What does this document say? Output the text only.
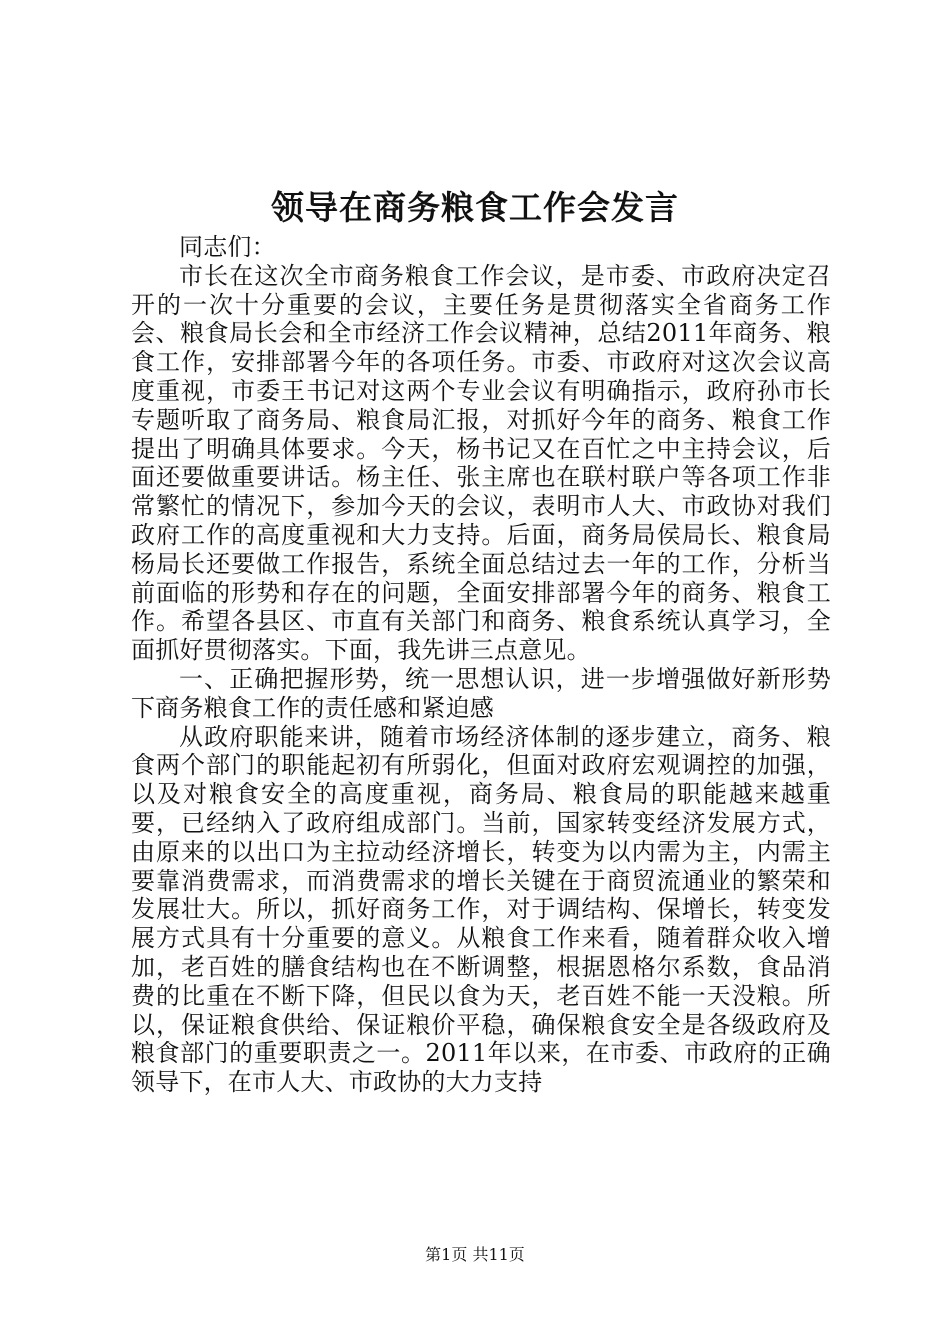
领导在商务粮食工作会发言

同志们：

市长在这次全市商务粮食工作会议，是市委、市政府决定召开的一次十分重要的会议，主要任务是贯彻落实全省商务工作会、粮食局长会和全市经济工作会议精神，总结2011年商务、粮食工作，安排部署今年的各项任务。市委、市政府对这次会议高度重视，市委王书记对这两个专业会议有明确指示，政府孙市长专题听取了商务局、粮食局汇报，对抓好今年的商务、粮食工作提出了明确具体要求。今天，杨书记又在百忙之中主持会议，后面还要做重要讲话。杨主任、张主席也在联村联户等各项工作非常繁忙的情况下，参加今天的会议，表明市人大、市政协对我们政府工作的高度重视和大力支持。后面，商务局侯局长、粮食局杨局长还要做工作报告，系统全面总结过去一年的工作，分析当前面临的形势和存在的问题，全面安排部署今年的商务、粮食工作。希望各县区、市直有关部门和商务、粮食系统认真学习，全面抓好贯彻落实。下面，我先讲三点意见。

一、正确把握形势，统一思想认识，进一步增强做好新形势下商务粮食工作的责任感和紧迫感

从政府职能来讲，随着市场经济体制的逐步建立，商务、粮食两个部门的职能起初有所弱化，但面对政府宏观调控的加强，以及对粮食安全的高度重视，商务局、粮食局的职能越来越重要，已经纳入了政府组成部门。当前，国家转变经济发展方式，由原来的以出口为主拉动经济增长，转变为以内需为主，内需主要靠消费需求，而消费需求的增长关键在于商贸流通业的繁荣和发展壮大。所以，抓好商务工作，对于调结构、保增长，转变发展方式具有十分重要的意义。从粮食工作来看，随着群众收入增加，老百姓的膳食结构也在不断调整，根据恩格尔系数，食品消费的比重在不断下降，但民以食为天，老百姓不能一天没粮。所以，保证粮食供给、保证粮价平稳，确保粮食安全是各级政府及粮食部门的重要职责之一。2011年以来，在市委、市政府的正确领导下，在市人大、市政协的大力支持

第1页 共11页
